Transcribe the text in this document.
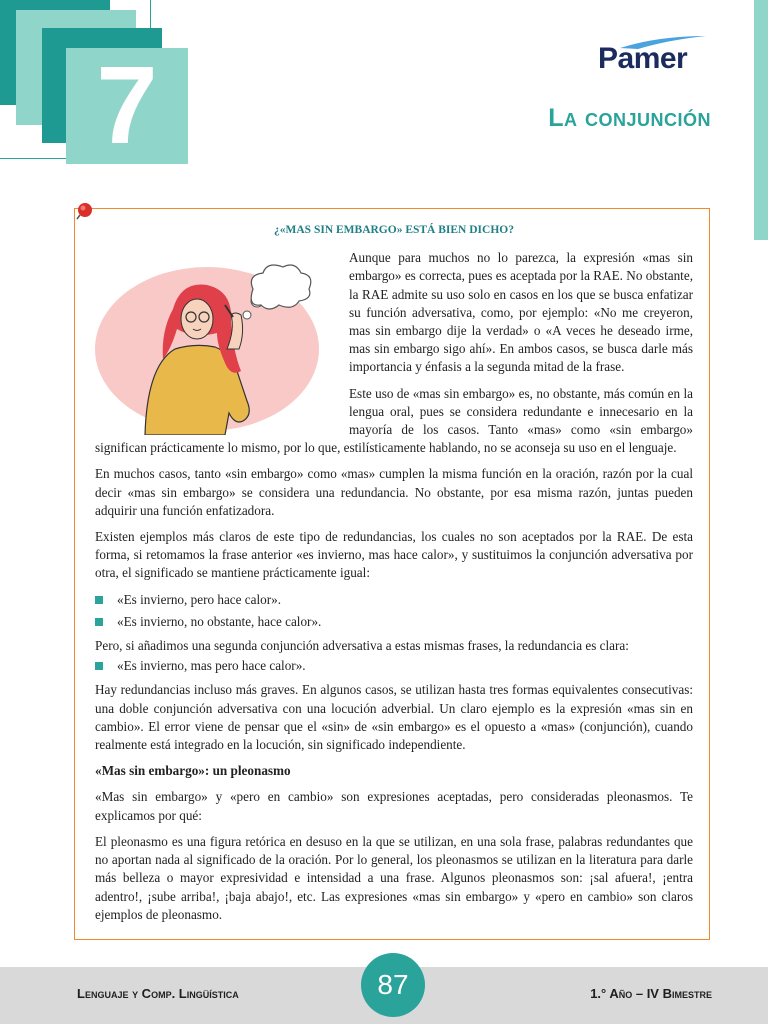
7	Pamer
La conjunción
¿«MAS SIN EMBARGO» ESTÁ BIEN DICHO?

Aunque para muchos no lo parezca, la expresión «mas sin embargo» es correcta, pues es aceptada por la RAE. No obstante, la RAE admite su uso solo en casos en los que se busca enfatizar su función adversativa, como, por ejemplo: «No me creyeron, mas sin embargo dije la verdad» o «A veces he deseado irme, mas sin embargo sigo ahí». En ambos casos, se busca darle más importancia y énfasis a la segunda mitad de la frase.

Este uso de «mas sin embargo» es, no obstante, más común en la lengua oral, pues se considera redundante e innecesario en la mayoría de los casos. Tanto «mas» como «sin embargo» significan prácticamente lo mismo, por lo que, estilísticamente hablando, no se aconseja su uso en el lenguaje.

En muchos casos, tanto «sin embargo» como «mas» cumplen la misma función en la oración, razón por la cual decir «mas sin embargo» se considera una redundancia. No obstante, por esa misma razón, juntas pueden adquirir una función enfatizadora.

Existen ejemplos más claros de este tipo de redundancias, los cuales no son aceptados por la RAE. De esta forma, si retomamos la frase anterior «es invierno, mas hace calor», y sustituimos la conjunción adversativa por otra, el significado se mantiene prácticamente igual:

«Es invierno, pero hace calor».
«Es invierno, no obstante, hace calor».

Pero, si añadimos una segunda conjunción adversativa a estas mismas frases, la redundancia es clara:

«Es invierno, mas pero hace calor».

Hay redundancias incluso más graves. En algunos casos, se utilizan hasta tres formas equivalentes consecutivas: una doble conjunción adversativa con una locución adverbial. Un claro ejemplo es la expresión «mas sin en cambio». El error viene de pensar que el «sin» de «sin embargo» es el opuesto a «mas» (conjunción), cuando realmente está integrado en la locución, sin significado independiente.

«Mas sin embargo»: un pleonasmo

«Mas sin embargo» y «pero en cambio» son expresiones aceptadas, pero consideradas pleonasmos. Te explicamos por qué:

El pleonasmo es una figura retórica en desuso en la que se utilizan, en una sola frase, palabras redundantes que no aportan nada al significado de la oración. Por lo general, los pleonasmos se utilizan en la literatura para darle más belleza o mayor expresividad e intensidad a una frase. Algunos pleonasmos son: ¡sal afuera!, ¡entra adentro!, ¡sube arriba!, ¡baja abajo!, etc. Las expresiones «mas sin embargo» y «pero en cambio» son claros ejemplos de pleonasmo.

Lenguaje y Comp. Lingüística	87	1.° Año – IV Bimestre
